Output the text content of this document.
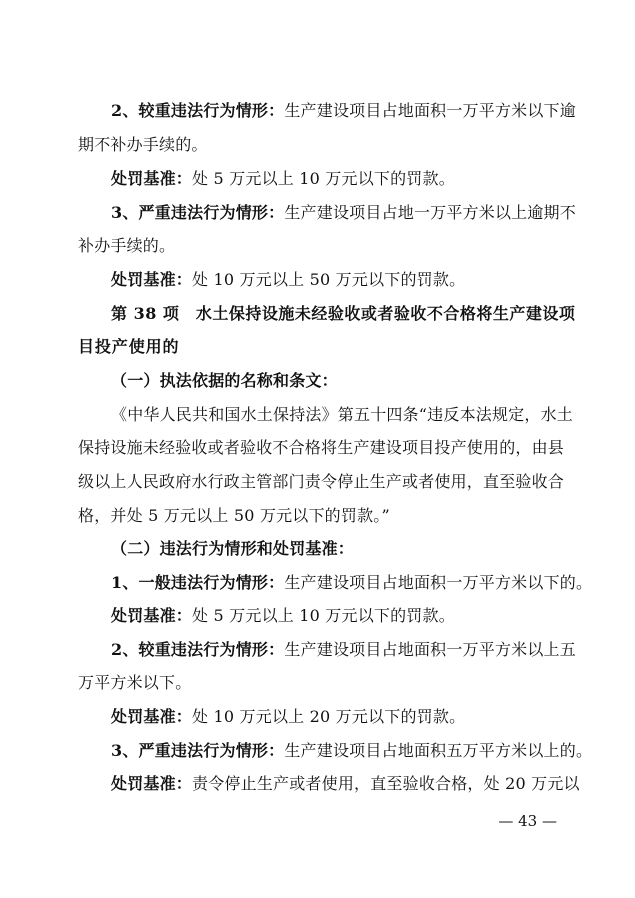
2、较重违法行为情形：生产建设项目占地面积一万平方米以下逾
期不补办手续的。
处罚基准：处 5 万元以上 10 万元以下的罚款。
3、严重违法行为情形：生产建设项目占地一万平方米以上逾期不
补办手续的。
处罚基准：处 10 万元以上 50 万元以下的罚款。
第 38 项　水土保持设施未经验收或者验收不合格将生产建设项
目投产使用的
（一）执法依据的名称和条文：
《中华人民共和国水土保持法》第五十四条“违反本法规定，水土
保持设施未经验收或者验收不合格将生产建设项目投产使用的，由县
级以上人民政府水行政主管部门责令停止生产或者使用，直至验收合
格，并处 5 万元以上 50 万元以下的罚款。”
（二）违法行为情形和处罚基准：
1、一般违法行为情形：生产建设项目占地面积一万平方米以下的。
处罚基准：处 5 万元以上 10 万元以下的罚款。
2、较重违法行为情形：生产建设项目占地面积一万平方米以上五
万平方米以下。
处罚基准：处 10 万元以上 20 万元以下的罚款。
3、严重违法行为情形：生产建设项目占地面积五万平方米以上的。
处罚基准：责令停止生产或者使用，直至验收合格，处 20 万元以
— 43 —
